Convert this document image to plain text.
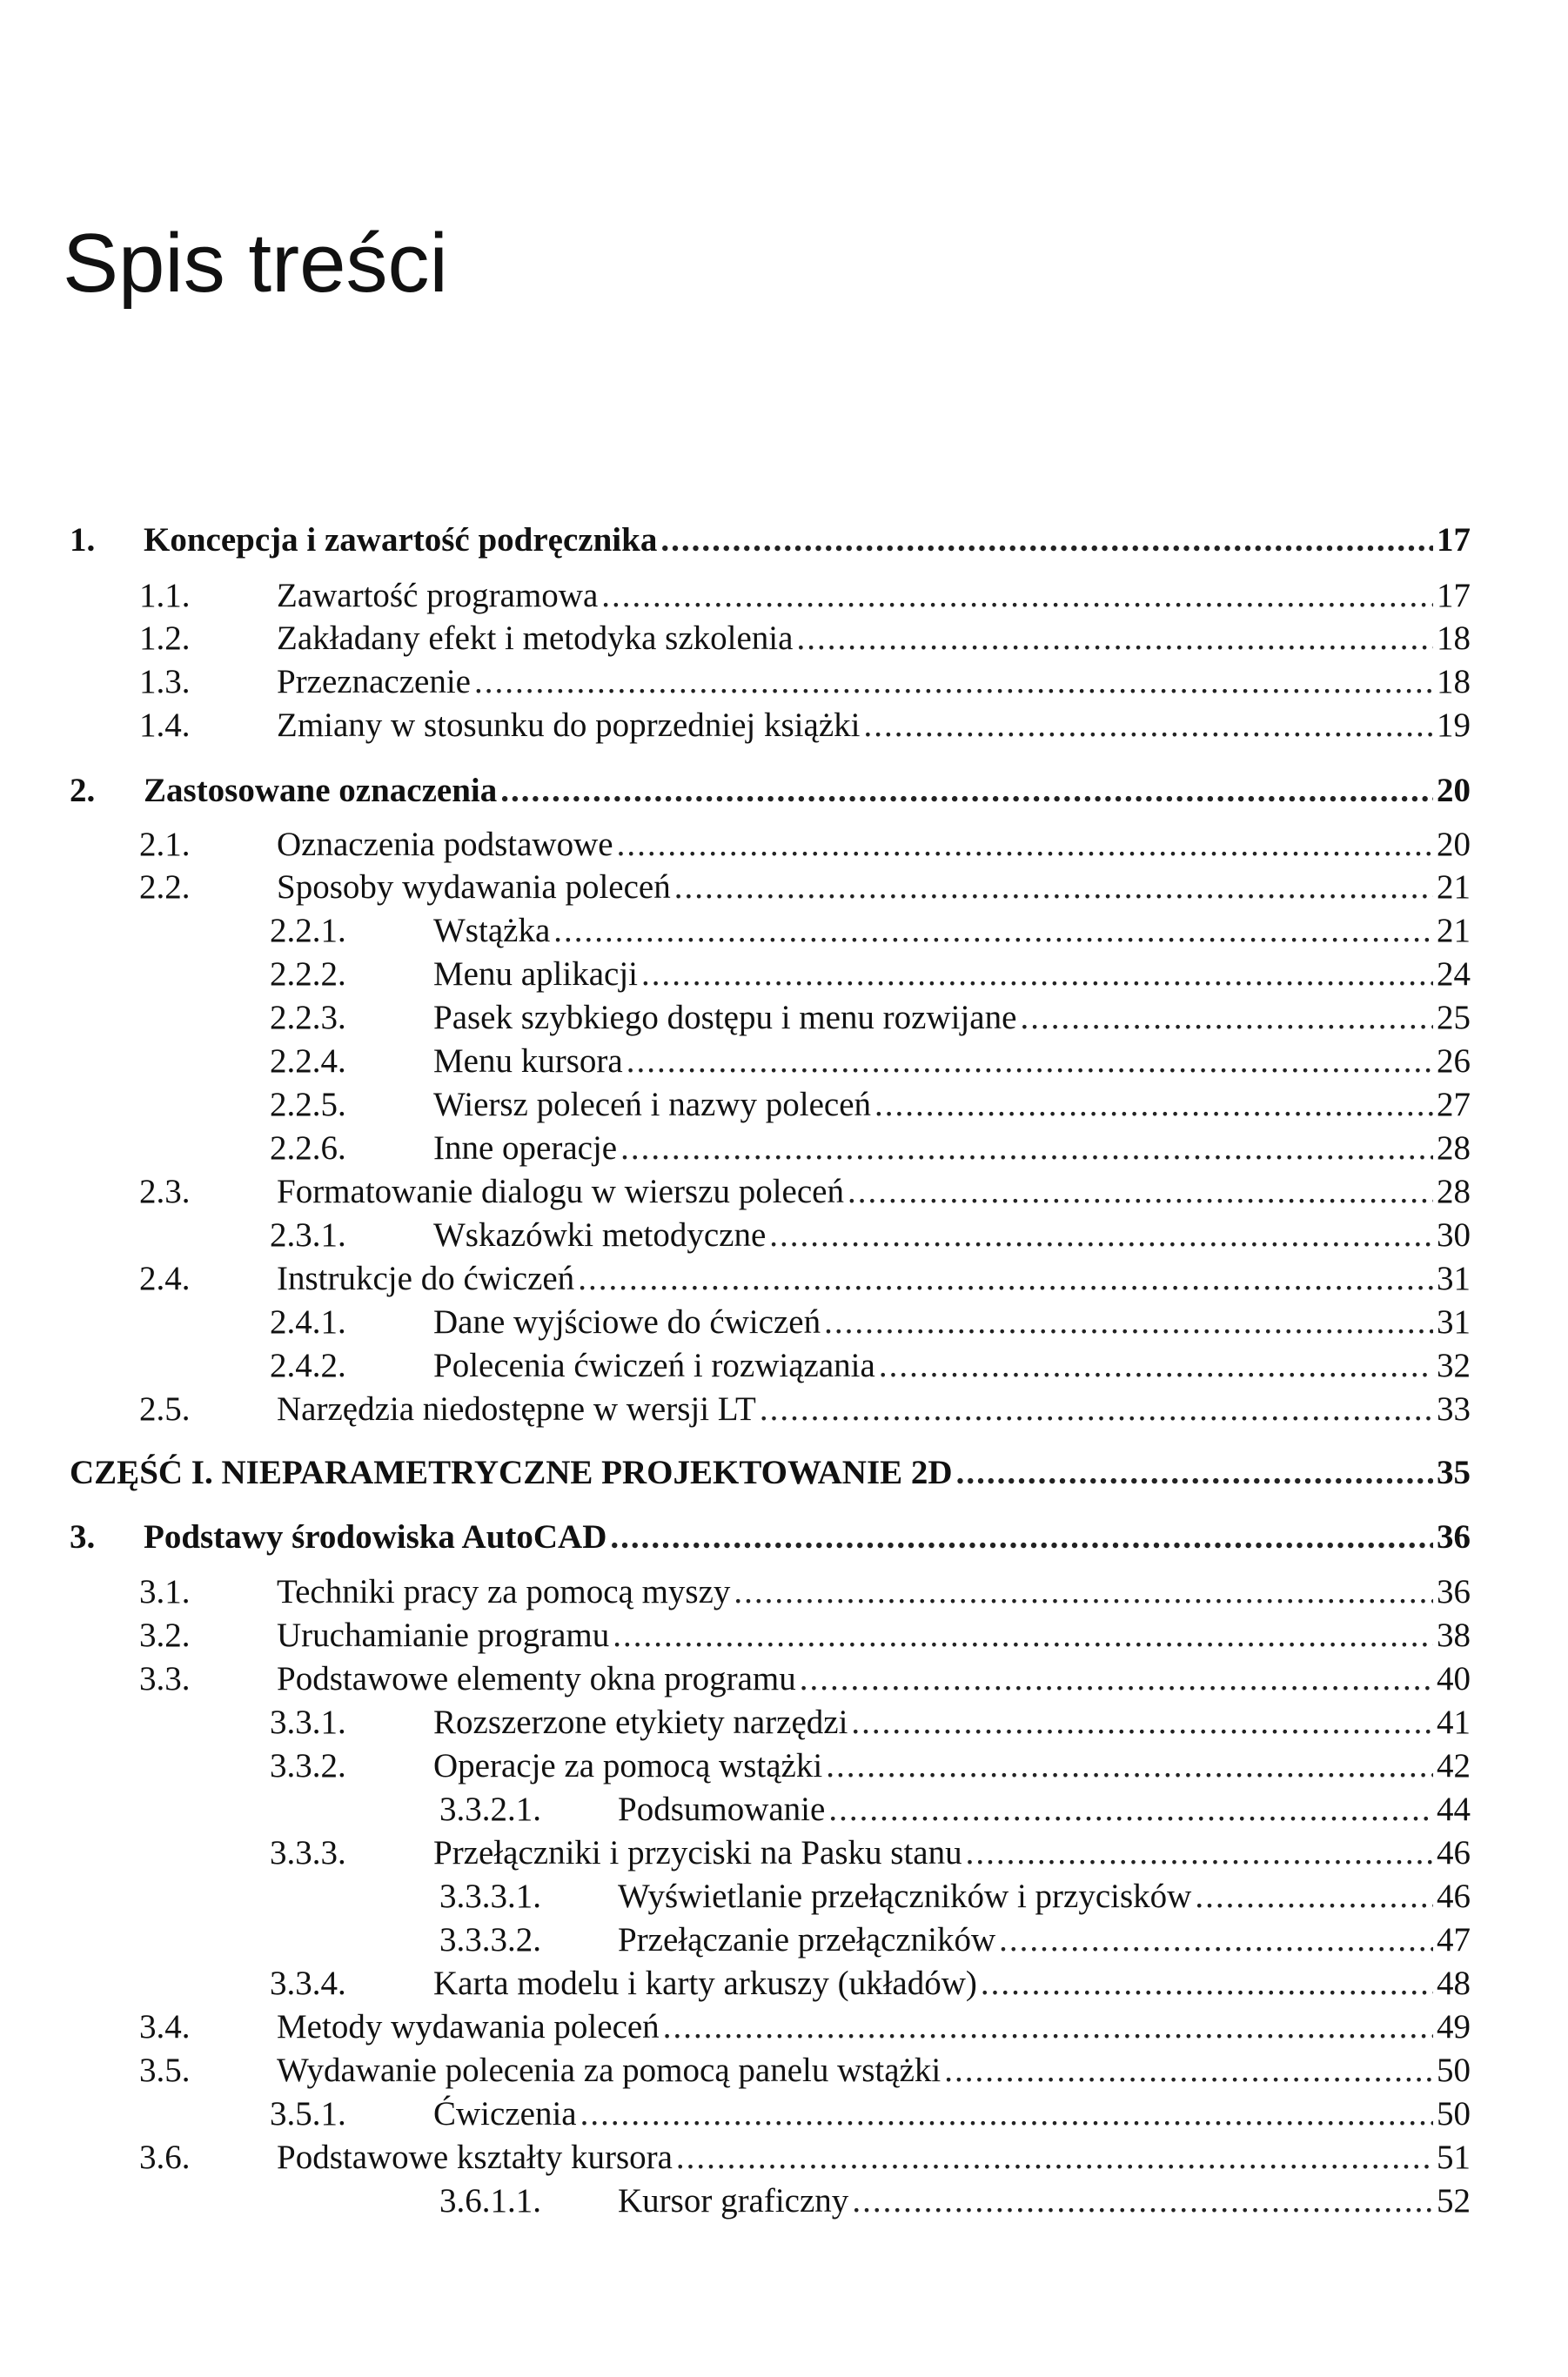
Spis treści
1. Koncepcja i zawartość podręcznika .....	17
1.1.	Zawartość programowa .....	17
1.2.	Zakładany efekt i metodyka szkolenia .....	18
1.3.	Przeznaczenie .....	18
1.4.	Zmiany w stosunku do poprzedniej książki .....	19
2. Zastosowane oznaczenia .....	20
2.1.	Oznaczenia podstawowe .....	20
2.2.	Sposoby wydawania poleceń .....	21
2.2.1.	Wstążka .....	21
2.2.2.	Menu aplikacji .....	24
2.2.3.	Pasek szybkiego dostępu i menu rozwijane .....	25
2.2.4.	Menu kursora .....	26
2.2.5.	Wiersz poleceń i nazwy poleceń .....	27
2.2.6.	Inne operacje .....	28
2.3.	Formatowanie dialogu w wierszu poleceń .....	28
2.3.1.	Wskazówki metodyczne .....	30
2.4.	Instrukcje do ćwiczeń .....	31
2.4.1.	Dane wyjściowe do ćwiczeń .....	31
2.4.2.	Polecenia ćwiczeń i rozwiązania .....	32
2.5.	Narzędzia niedostępne w wersji LT .....	33
CZĘŚĆ I. NIEPARAMETRYCZNE PROJEKTOWANIE 2D .....	35
3. Podstawy środowiska AutoCAD .....	36
3.1.	Techniki pracy za pomocą myszy .....	36
3.2.	Uruchamianie programu .....	38
3.3.	Podstawowe elementy okna programu .....	40
3.3.1.	Rozszerzone etykiety narzędzi .....	41
3.3.2.	Operacje za pomocą wstążki .....	42
3.3.2.1. Podsumowanie .....	44
3.3.3.	Przełączniki i przyciski na Pasku stanu .....	46
3.3.3.1. Wyświetlanie przełączników i przycisków .....	46
3.3.3.2. Przełączanie przełączników .....	47
3.3.4.	Karta modelu i karty arkuszy (układów) .....	48
3.4.	Metody wydawania poleceń .....	49
3.5.	Wydawanie polecenia za pomocą panelu wstążki .....	50
3.5.1.	Ćwiczenia .....	50
3.6.	Podstawowe kształty kursora .....	51
3.6.1.1. Kursor graficzny .....	52
